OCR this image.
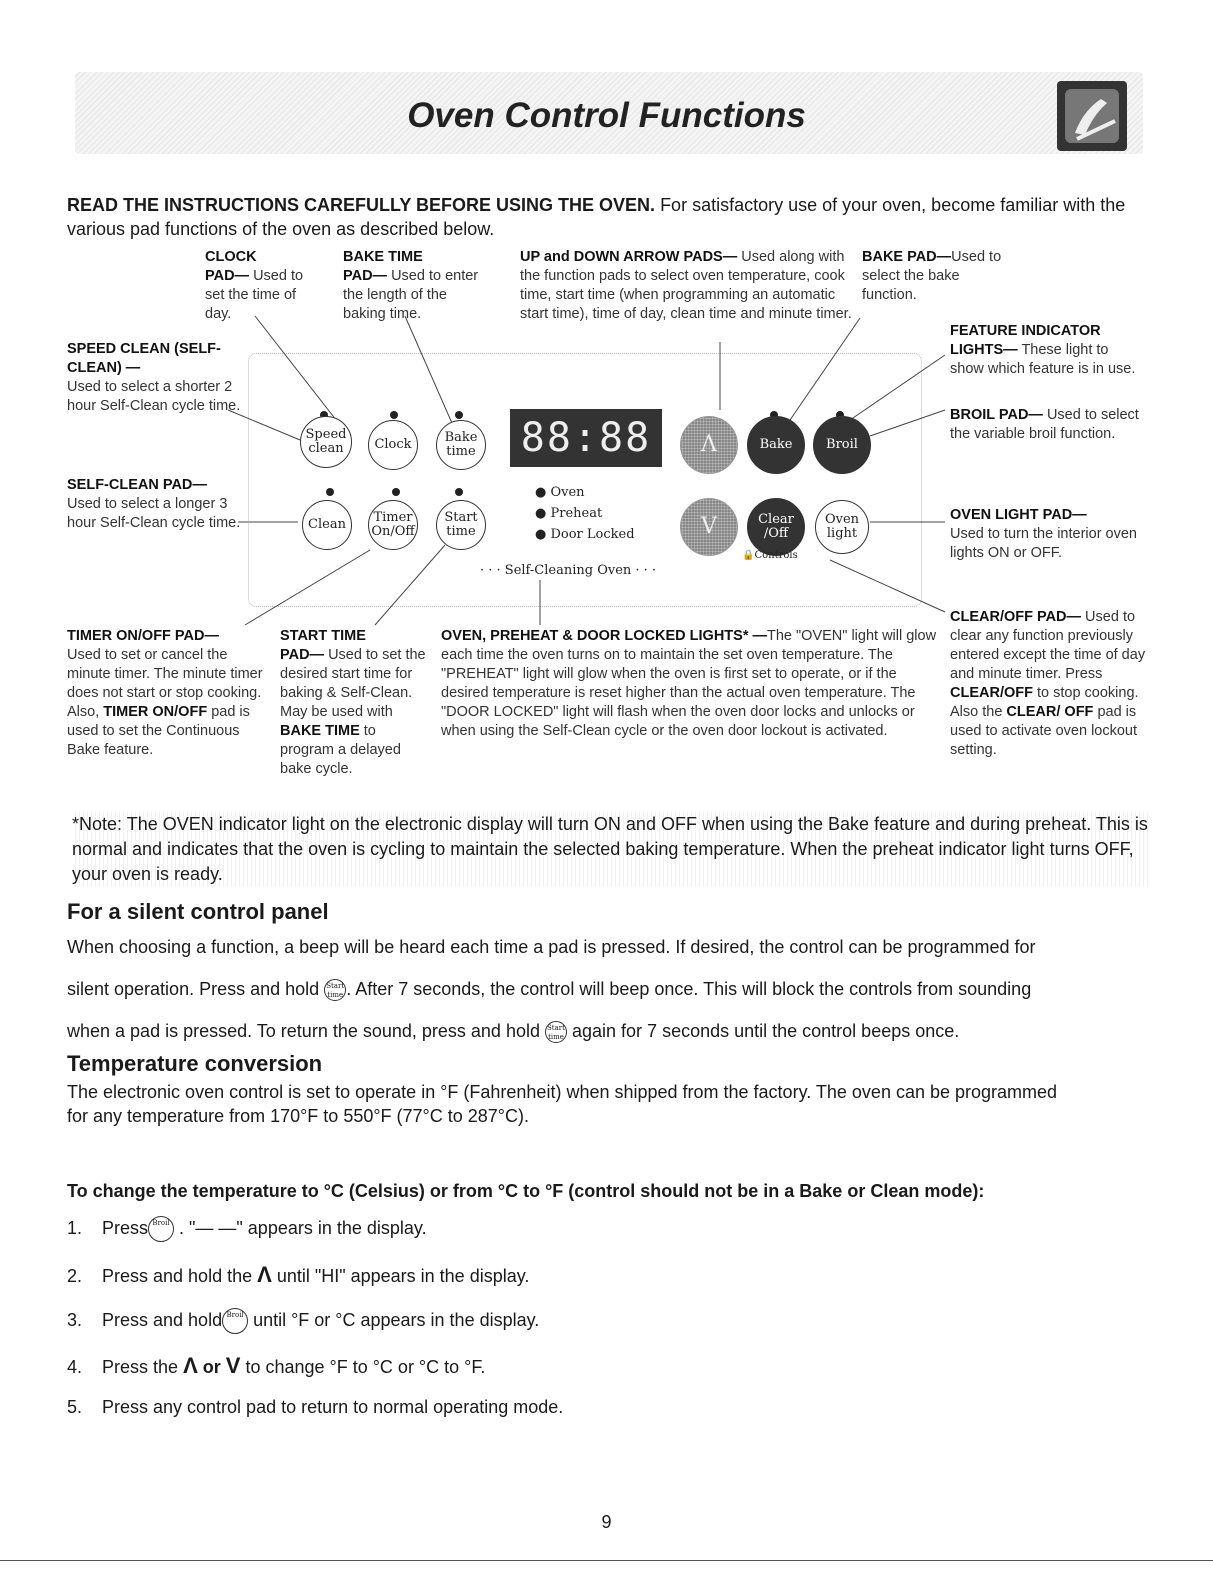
Oven Control Functions
READ THE INSTRUCTIONS CAREFULLY BEFORE USING THE OVEN. For satisfactory use of your oven, become familiar with the various pad functions of the oven as described below.
CLOCK
PAD— Used to set the time of day.
BAKE TIME
PAD— Used to enter the length of the baking time.
UP and DOWN ARROW PADS— Used along with the function pads to select oven temperature, cook time, start time (when programming an automatic start time), time of day, clean time and minute timer.
BAKE PAD—Used to select the bake function.
FEATURE INDICATOR LIGHTS— These light to show which feature is in use.
BROIL PAD— Used to select the variable broil function.
SPEED CLEAN (SELF-CLEAN) —
Used to select a shorter 2 hour Self-Clean cycle time.
SELF-CLEAN PAD—
Used to select a longer 3 hour Self-Clean cycle time.	OVEN LIGHT PAD—
Used to turn the interior oven lights ON or OFF.
Speed clean	Clock	Bake time 88:88	Λ	Bake	Broil
Clean	Timer On/Off
Start time
● Oven
● Preheat
● Door Locked	V	Clear /Off
Oven light
🔒Controls
· · · Self-Cleaning Oven · · ·
TIMER ON/OFF PAD—
Used to set or cancel the minute timer. The minute timer does not start or stop cooking. Also, TIMER ON/OFF pad is used to set the Continuous Bake feature.
START TIME
PAD— Used to set the desired start time for baking & Self-Clean. May be used with BAKE TIME to program a delayed bake cycle.
OVEN, PREHEAT & DOOR LOCKED LIGHTS* —The "OVEN" light will glow each time the oven turns on to maintain the set oven temperature. The "PREHEAT" light will glow when the oven is first set to operate, or if the desired temperature is reset higher than the actual oven temperature. The "DOOR LOCKED" light will flash when the oven door locks and unlocks or when using the Self-Clean cycle or the oven door lockout is activated.
CLEAR/OFF PAD— Used to clear any function previously entered except the time of day and minute timer. Press CLEAR/OFF to stop cooking. Also the CLEAR/ OFF pad is used to activate oven lockout setting.
*Note: The OVEN indicator light on the electronic display will turn ON and OFF when using the Bake feature and during preheat. This is normal and indicates that the oven is cycling to maintain the selected baking temperature. When the preheat indicator light turns OFF, your oven is ready.
For a silent control panel
When choosing a function, a beep will be heard each time a pad is pressed. If desired, the control can be programmed for
silent operation. Press and hold Start time . After 7 seconds, the control will beep once. This will block the controls from sounding
when a pad is pressed. To return the sound, press and hold Start time again for 7 seconds until the control beeps once.
Temperature conversion
The electronic oven control is set to operate in °F (Fahrenheit) when shipped from the factory. The oven can be programmed
for any temperature from 170°F to 550°F (77°C to 287°C).
To change the temperature to °C (Celsius) or from °C to °F (control should not be in a Bake or Clean mode):
1. Press Broil . "— —" appears in the display.
2. Press and hold the Λ until "HI" appears in the display.
3. Press and hold Broil until °F or °C appears in the display.
4. Press the Λ or V to change °F to °C or °C to °F.
5. Press any control pad to return to normal operating mode.
9
